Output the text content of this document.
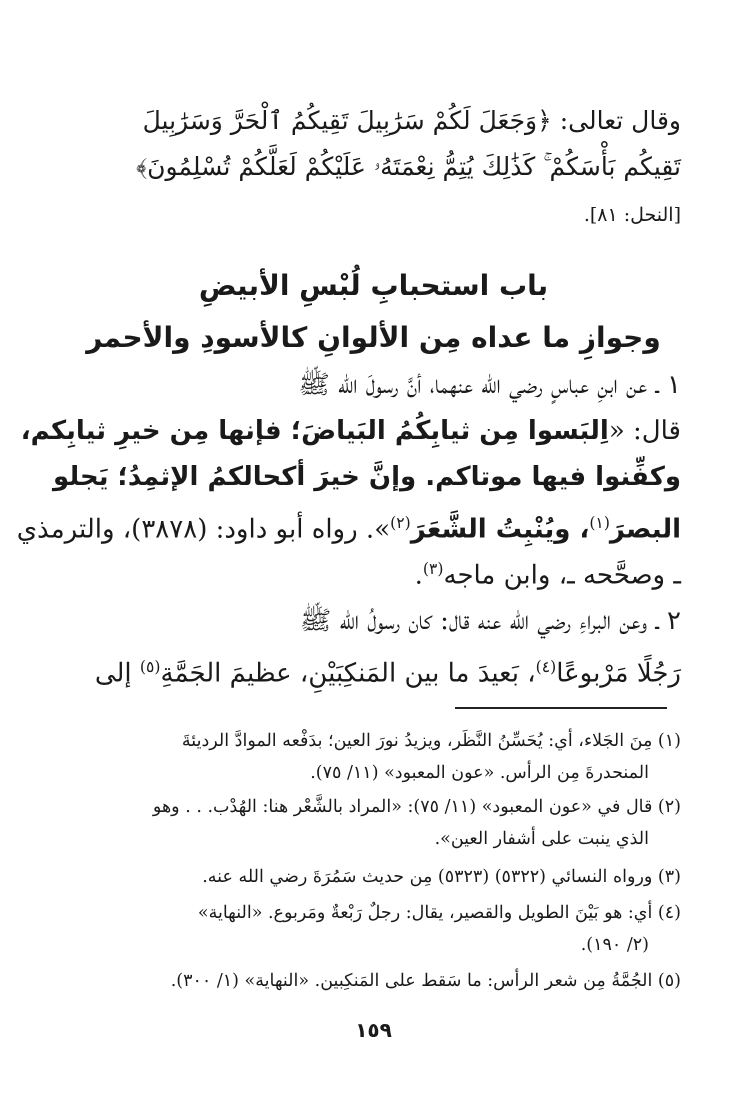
وقال تعالى: ﴿وَجَعَلَ لَكُمْ سَرَٰبِيلَ تَقِيكُمُ ٱلْحَرَّ وَسَرَٰبِيلَ
تَقِيكُم بَأْسَكُمْ ۚ كَذَٰلِكَ يُتِمُّ نِعْمَتَهُۥ عَلَيْكُمْ لَعَلَّكُمْ تُسْلِمُونَ﴾
[النحل: ٨١].
باب استحبابِ لُبْسِ الأبيضِ
وجوازِ ما عداه مِن الألوانِ كالأسودِ والأحمر
١ ـ عن ابنِ عباسٍ رضي الله عنهما، أنَّ رسولَ الله ﷺ
قال: «اِلبَسوا مِن ثيابِكُمُ البَياضَ؛ فإنها مِن خيرِ ثيابِكم،
وكفِّنوا فيها موتاكم. وإنَّ خيرَ أكحالكمُ الإثمِدُ؛ يَجلو
البصرَ$^{(١)}$، ويُنْبِتُ الشَّعَرَ$^{(٢)}$». رواه أبو داود: (٣٨٧٨)، والترمذي
ـ وصحَّحه ـ، وابن ماجه$^{(٣)}$.
٢ ـ وعن البراءِ رضي الله عنه قال: كان رسولُ الله ﷺ
رَجُلًا مَرْبوعًا$^{(٤)}$، بَعيدَ ما بين المَنكِبَيْنِ، عظيمَ الجَمَّةِ$^{(٥)}$ إلى
(١) مِنَ الجَلاء، أي: يُحَسِّنُ النَّظَر، ويزيدُ نورَ العين؛ بدَفْعه الموادَّ الرديئةَ
المنحدرةَ مِن الرأس. «عون المعبود» (١١/ ٧٥).
(٢) قال في «عون المعبود» (١١/ ٧٥): «المراد بالشَّعْر هنا: الهُدْب. . . وهو
الذي ينبت على أشفار العين».
(٣) ورواه النسائي (٥٣٢٢) (٥٣٢٣) مِن حديث سَمُرَةَ رضي الله عنه.
(٤) أي: هو بَيْنَ الطويل والقصير، يقال: رجلٌ رَبْعةٌ ومَربوع. «النهاية»
(٢/ ١٩٠).
(٥) الجُمَّةُ مِن شعر الرأس: ما سَقط على المَنكِبين. «النهاية» (١/ ٣٠٠).
١٥٩
